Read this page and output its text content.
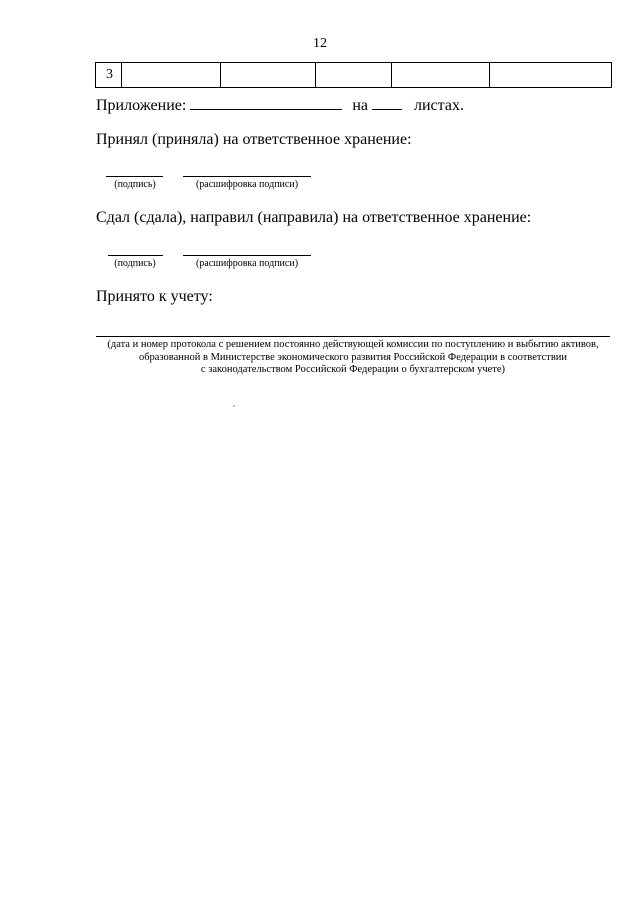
12
3					
Приложение:	на	листах.
Принял (приняла) на ответственное хранение:
(подпись)	(расшифровка подписи)
Сдал (сдала), направил (направила) на ответственное хранение:
(подпись)	(расшифровка подписи)
Принято к учету:
(дата и номер протокола с решением постоянно действующей комиссии по поступлению и выбытию активов,
образованной в Министерстве экономического развития Российской Федерации в соответствии
с законодательством Российской Федерации о бухгалтерском учете)
